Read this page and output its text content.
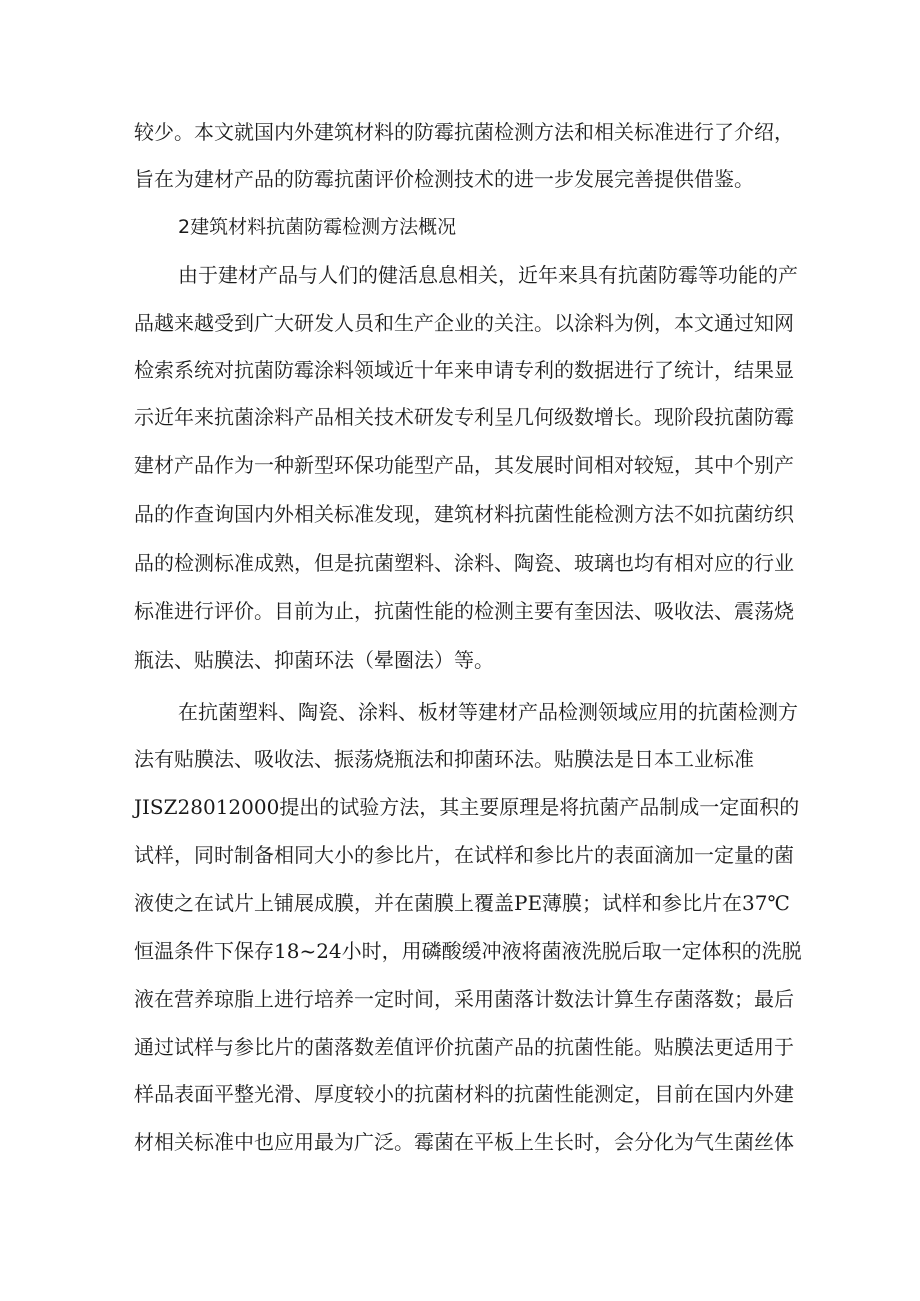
较少。本文就国内外建筑材料的防霉抗菌检测方法和相关标准进行了介绍，

旨在为建材产品的防霉抗菌评价检测技术的进一步发展完善提供借鉴。

2建筑材料抗菌防霉检测方法概况

由于建材产品与人们的健活息息相关，近年来具有抗菌防霉等功能的产

品越来越受到广大研发人员和生产企业的关注。以涂料为例，本文通过知网

检索系统对抗菌防霉涂料领域近十年来申请专利的数据进行了统计，结果显

示近年来抗菌涂料产品相关技术研发专利呈几何级数增长。现阶段抗菌防霉

建材产品作为一种新型环保功能型产品，其发展时间相对较短，其中个别产

品的作查询国内外相关标准发现，建筑材料抗菌性能检测方法不如抗菌纺织

品的检测标准成熟，但是抗菌塑料、涂料、陶瓷、玻璃也均有相对应的行业

标准进行评价。目前为止，抗菌性能的检测主要有奎因法、吸收法、震荡烧

瓶法、贴膜法、抑菌环法（晕圈法）等。

在抗菌塑料、陶瓷、涂料、板材等建材产品检测领域应用的抗菌检测方

法有贴膜法、吸收法、振荡烧瓶法和抑菌环法。贴膜法是日本工业标准

JISZ28012000提出的试验方法，其主要原理是将抗菌产品制成一定面积的

试样，同时制备相同大小的参比片，在试样和参比片的表面滴加一定量的菌

液使之在试片上铺展成膜，并在菌膜上覆盖PE薄膜；试样和参比片在37℃

恒温条件下保存18~24小时，用磷酸缓冲液将菌液洗脱后取一定体积的洗脱

液在营养琼脂上进行培养一定时间，采用菌落计数法计算生存菌落数；最后

通过试样与参比片的菌落数差值评价抗菌产品的抗菌性能。贴膜法更适用于

样品表面平整光滑、厚度较小的抗菌材料的抗菌性能测定，目前在国内外建

材相关标准中也应用最为广泛。霉菌在平板上生长时，会分化为气生菌丝体
